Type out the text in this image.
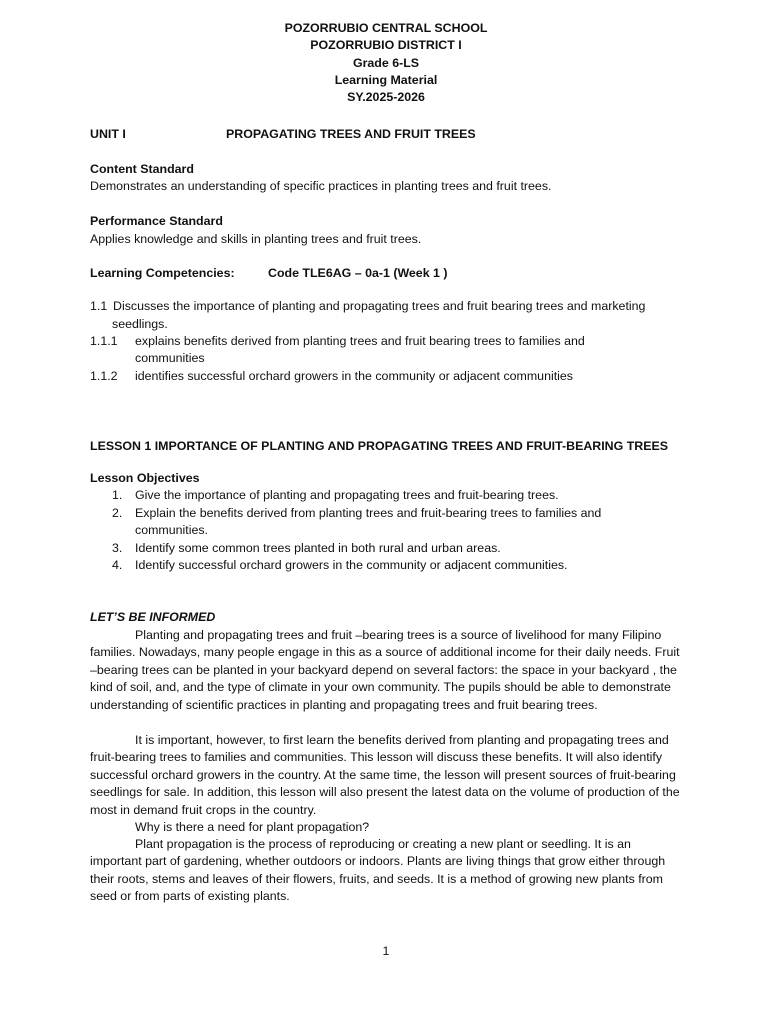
POZORRUBIO CENTRAL SCHOOL
POZORRUBIO DISTRICT I
Grade 6-LS
Learning Material
SY.2025-2026
UNIT I	PROPAGATING TREES AND FRUIT TREES
Content Standard
Demonstrates an understanding of specific practices in planting trees and fruit trees.
Performance Standard
Applies knowledge and skills in planting trees and fruit trees.
Learning Competencies:	Code TLE6AG – 0a-1 (Week 1 )
1.1 Discusses the importance of planting and propagating trees and fruit bearing trees and marketing
seedlings.
1.1.1 explains benefits derived from planting trees and fruit bearing trees to families and
communities
1.1.2 identifies successful orchard growers in the community or adjacent communities
LESSON 1 IMPORTANCE OF PLANTING AND PROPAGATING TREES AND FRUIT-BEARING TREES
Lesson Objectives
1. Give the importance of planting and propagating trees and fruit-bearing trees.
2. Explain the benefits derived from planting trees and fruit-bearing trees to families and
communities.
3. Identify some common trees planted in both rural and urban areas.
4. Identify successful orchard growers in the community or adjacent communities.
LET’S BE INFORMED
Planting and propagating trees and fruit –bearing trees is a source of livelihood for many Filipino families. Nowadays, many people engage in this as a source of additional income for their daily needs. Fruit –bearing trees can be planted in your backyard depend on several factors: the space in your backyard , the kind of soil, and, and the type of climate in your own community. The pupils should be able to demonstrate understanding of scientific practices in planting and propagating trees and fruit bearing trees.
It is important, however, to first learn the benefits derived from planting and propagating trees and fruit-bearing trees to families and communities. This lesson will discuss these benefits. It will also identify successful orchard growers in the country. At the same time, the lesson will present sources of fruit-bearing seedlings for sale. In addition, this lesson will also present the latest data on the volume of production of the most in demand fruit crops in the country.
Why is there a need for plant propagation?
Plant propagation is the process of reproducing or creating a new plant or seedling. It is an important part of gardening, whether outdoors or indoors. Plants are living things that grow either through their roots, stems and leaves of their flowers, fruits, and seeds. It is a method of growing new plants from seed or from parts of existing plants.
1
